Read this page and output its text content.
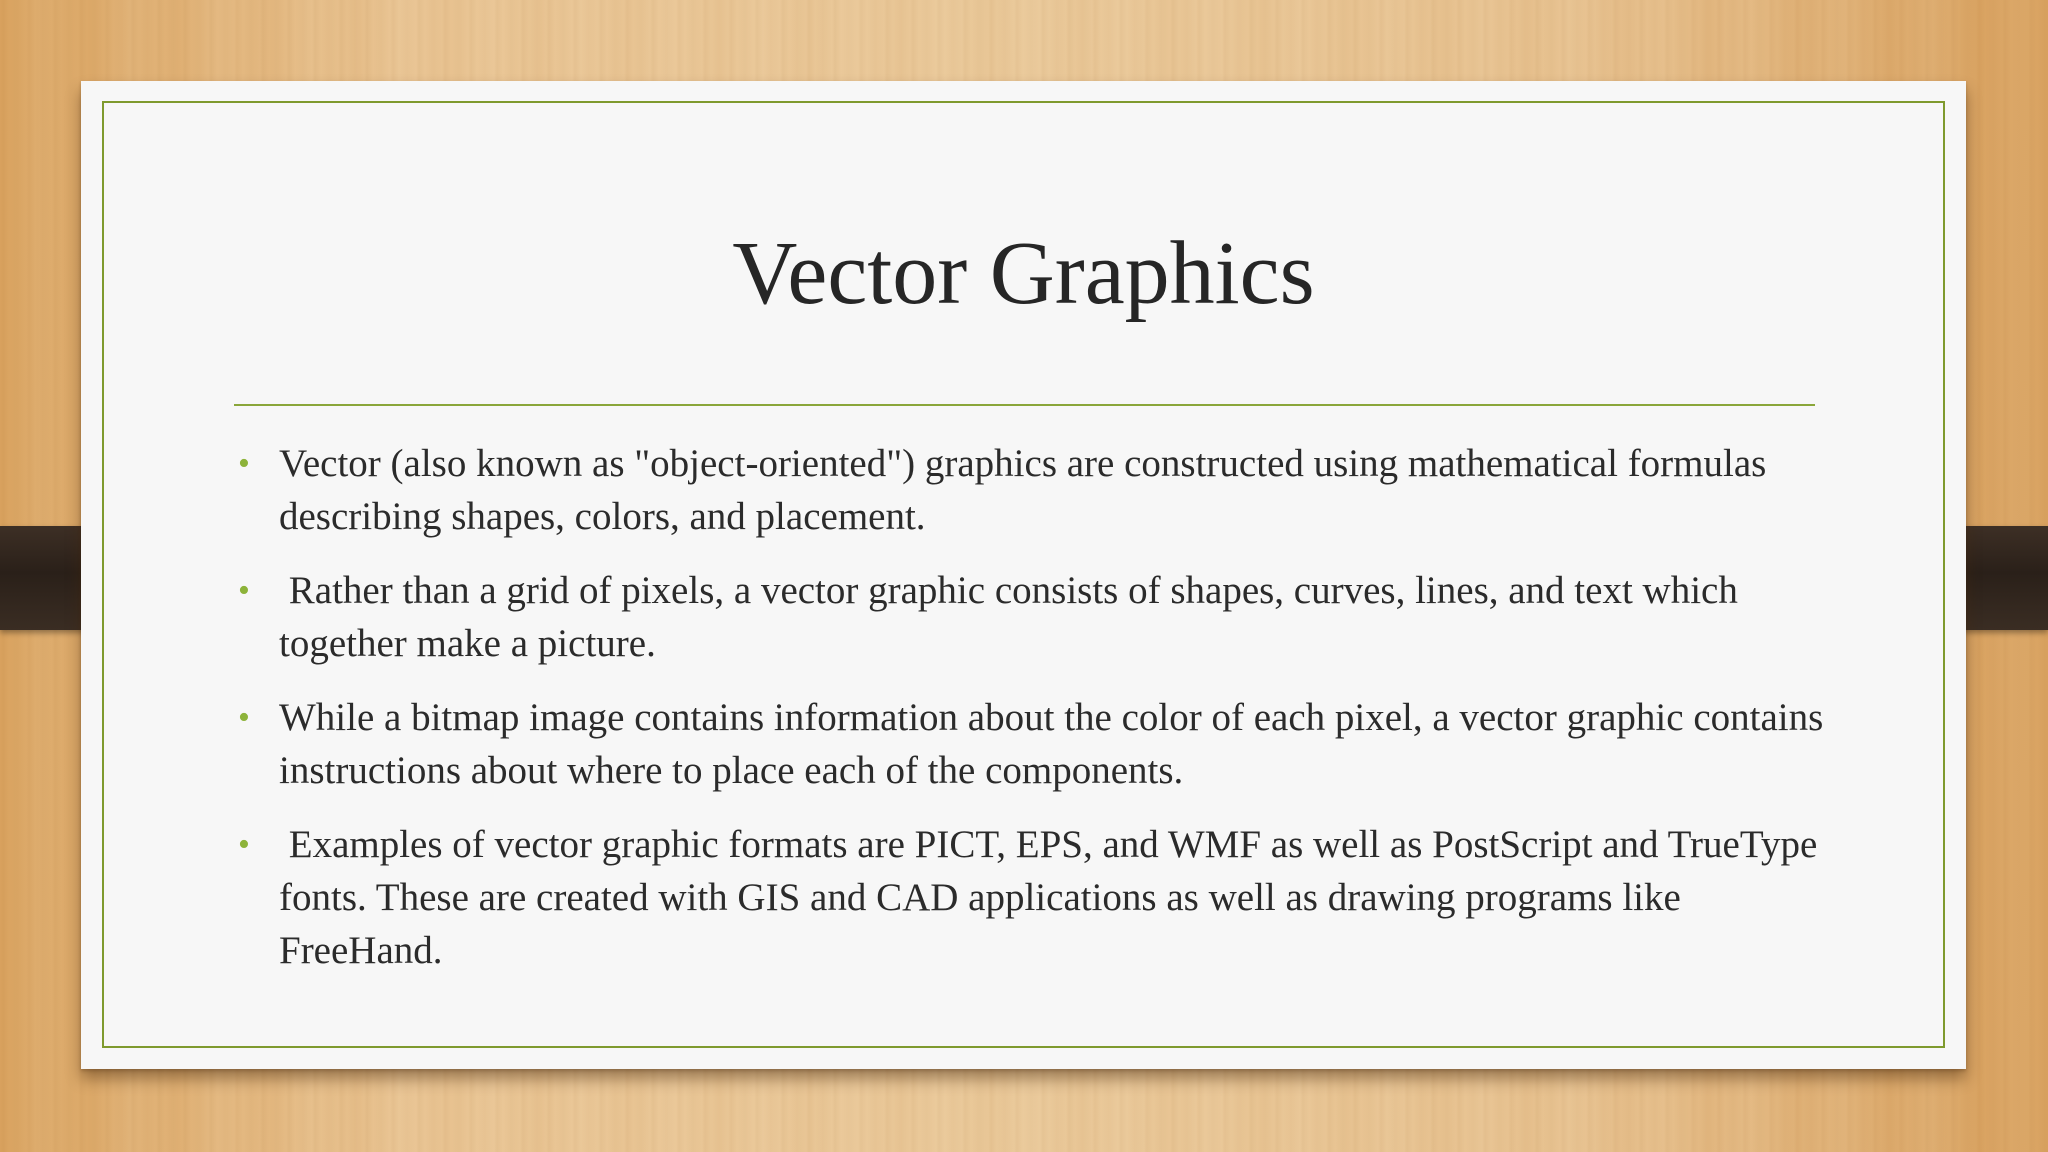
Vector Graphics
• Vector (also known as "object-oriented") graphics are constructed using mathematical formulas describing shapes, colors, and placement.
• Rather than a grid of pixels, a vector graphic consists of shapes, curves, lines, and text which together make a picture.
• While a bitmap image contains information about the color of each pixel, a vector graphic contains instructions about where to place each of the components.
• Examples of vector graphic formats are PICT, EPS, and WMF as well as PostScript and TrueType fonts. These are created with GIS and CAD applications as well as drawing programs like FreeHand.
